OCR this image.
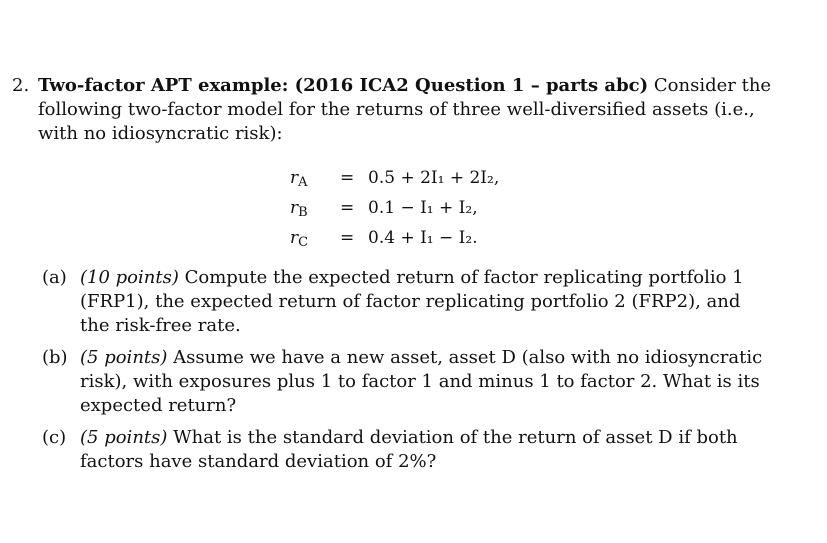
2. Two-factor APT example: (2016 ICA2 Question 1 – parts abc) Consider the following two-factor model for the returns of three well-diversified assets (i.e., with no idiosyncratic risk):
$r_A$	= 0.5 + 2I₁ + 2I₂,
$r_B$	= 0.1 − I₁ + I₂,
$r_C$	= 0.4 + I₁ − I₂.
(a) (10 points) Compute the expected return of factor replicating portfolio 1 (FRP1), the expected return of factor replicating portfolio 2 (FRP2), and the risk-free rate.
(b) (5 points) Assume we have a new asset, asset D (also with no idiosyncratic risk), with exposures plus 1 to factor 1 and minus 1 to factor 2. What is its expected return?
(c) (5 points) What is the standard deviation of the return of asset D if both factors have standard deviation of 2%?
